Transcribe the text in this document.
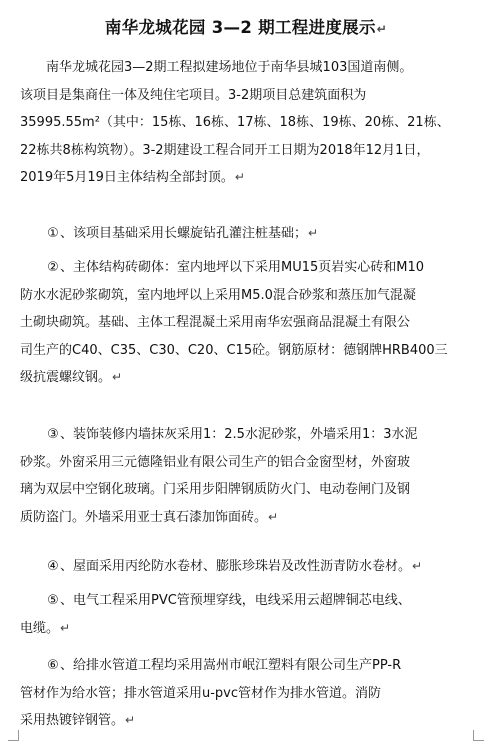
南华龙城花园 3—2 期工程进度展示↵
南华龙城花园3—2期工程拟建场地位于南华县城103国道南侧。
该项目是集商住一体及纯住宅项目。3-2期项目总建筑面积为
35995.55m²（其中：15栋、16栋、17栋、18栋、19栋、20栋、21栋、
22栋共8栋构筑物）。3-2期建设工程合同开工日期为2018年12月1日，
2019年5月19日主体结构全部封顶。↵
①、该项目基础采用长螺旋钻孔灌注桩基础；↵
②、主体结构砖砌体：室内地坪以下采用MU15页岩实心砖和M10
防水水泥砂浆砌筑，室内地坪以上采用M5.0混合砂浆和蒸压加气混凝
土砌块砌筑。基础、主体工程混凝土采用南华宏强商品混凝土有限公
司生产的C40、C35、C30、C20、C15砼。钢筋原材：德钢牌HRB400三
级抗震螺纹钢。↵
③、装饰装修内墙抹灰采用1：2.5水泥砂浆，外墙采用1：3水泥
砂浆。外窗采用三元德隆铝业有限公司生产的铝合金窗型材，外窗玻
璃为双层中空钢化玻璃。门采用步阳牌钢质防火门、电动卷闸门及钢
质防盗门。外墙采用亚士真石漆加饰面砖。↵
④、屋面采用丙纶防水卷材、膨胀珍珠岩及改性沥青防水卷材。↵
⑤、电气工程采用PVC管预埋穿线，电线采用云超牌铜芯电线、
电缆。↵
⑥、给排水管道工程均采用嵩州市岷江塑料有限公司生产PP-R
管材作为给水管；排水管道采用u-pvc管材作为排水管道。消防
采用热镀锌钢管。↵
